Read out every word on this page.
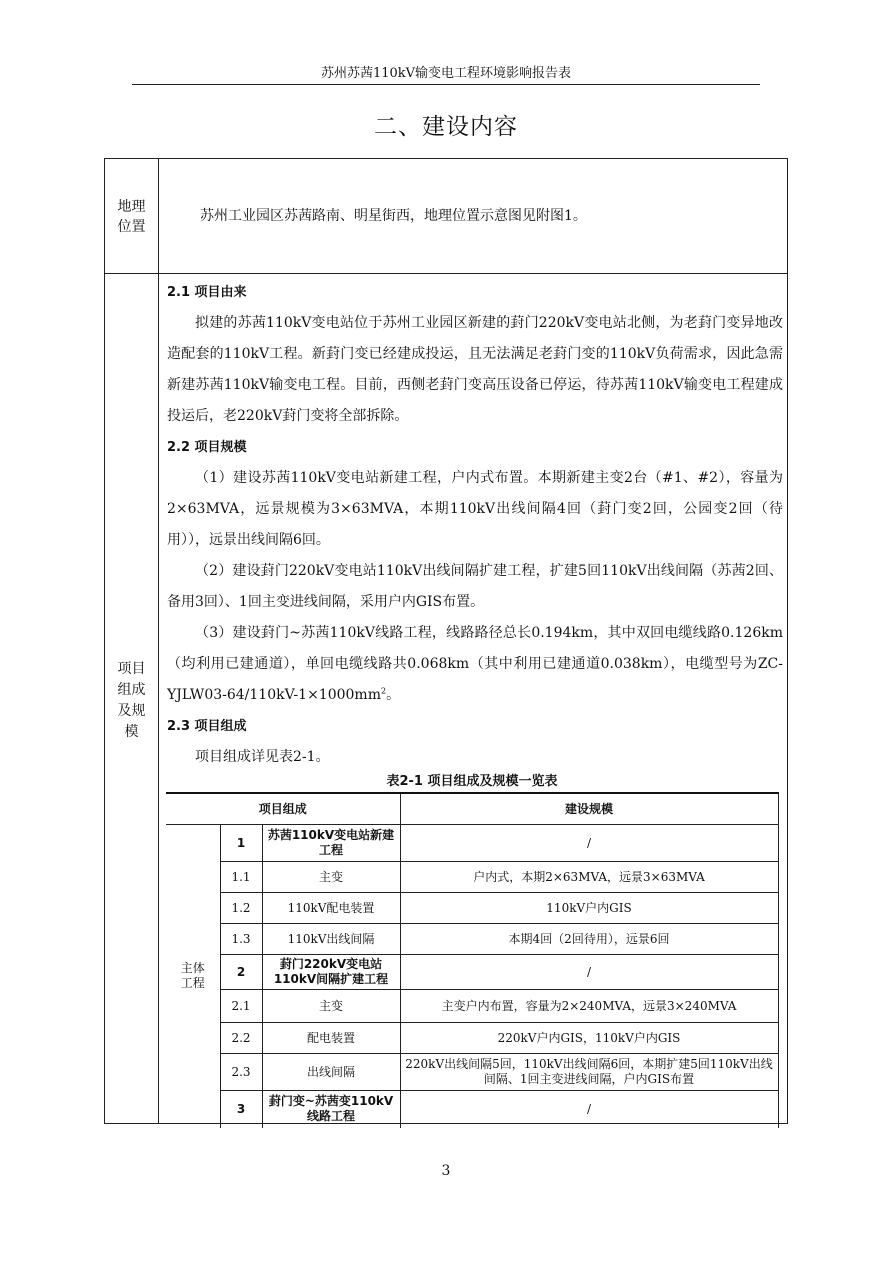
苏州苏茜110kV输变电工程环境影响报告表
二、建设内容
地理
位置
苏州工业园区苏茜路南、明星街西，地理位置示意图见附图1。
项目
组成
及规
模
2.1 项目由来

拟建的苏茜110kV变电站位于苏州工业园区新建的葑门220kV变电站北侧，为老葑门变异地改造配套的110kV工程。新葑门变已经建成投运，且无法满足老葑门变的110kV负荷需求，因此急需新建苏茜110kV输变电工程。目前，西侧老葑门变高压设备已停运，待苏茜110kV输变电工程建成投运后，老220kV葑门变将全部拆除。

2.2 项目规模

（1）建设苏茜110kV变电站新建工程，户内式布置。本期新建主变2台（#1、#2），容量为2×63MVA，远景规模为3×63MVA，本期110kV出线间隔4回（葑门变2回，公园变2回（待用）），远景出线间隔6回。

（2）建设葑门220kV变电站110kV出线间隔扩建工程，扩建5回110kV出线间隔（苏茜2回、备用3回）、1回主变进线间隔，采用户内GIS布置。

（3）建设葑门~苏茜110kV线路工程，线路路径总长0.194km，其中双回电缆线路0.126km（均利用已建通道），单回电缆线路共0.068km（其中利用已建通道0.038km），电缆型号为$ZC-YJLW03-64/110kV-1\times 1000mm^2$。

2.3 项目组成

项目组成详见表2-1。

表2-1 项目组成及规模一览表
项目组成			建设规模
主体工程	1	苏茜110kV变电站新建工程	/
	1.1	主变	户内式，本期2×63MVA，远景3×63MVA
	1.2	110kV配电装置	110kV户内GIS
	1.3	110kV出线间隔	本期4回（2回待用），远景6回
	2	葑门220kV变电站110kV间隔扩建工程	/
	2.1	主变	主变户内布置，容量为2×240MVA，远景3×240MVA
	2.2	配电装置	220kV户内GIS，110kV户内GIS
	2.3	出线间隔	220kV出线间隔5回，110kV出线间隔6回，本期扩建5回110kV出线间隔、1回主变进线间隔，户内GIS布置
	3	葑门变~苏茜变110kV线路工程	/
3
